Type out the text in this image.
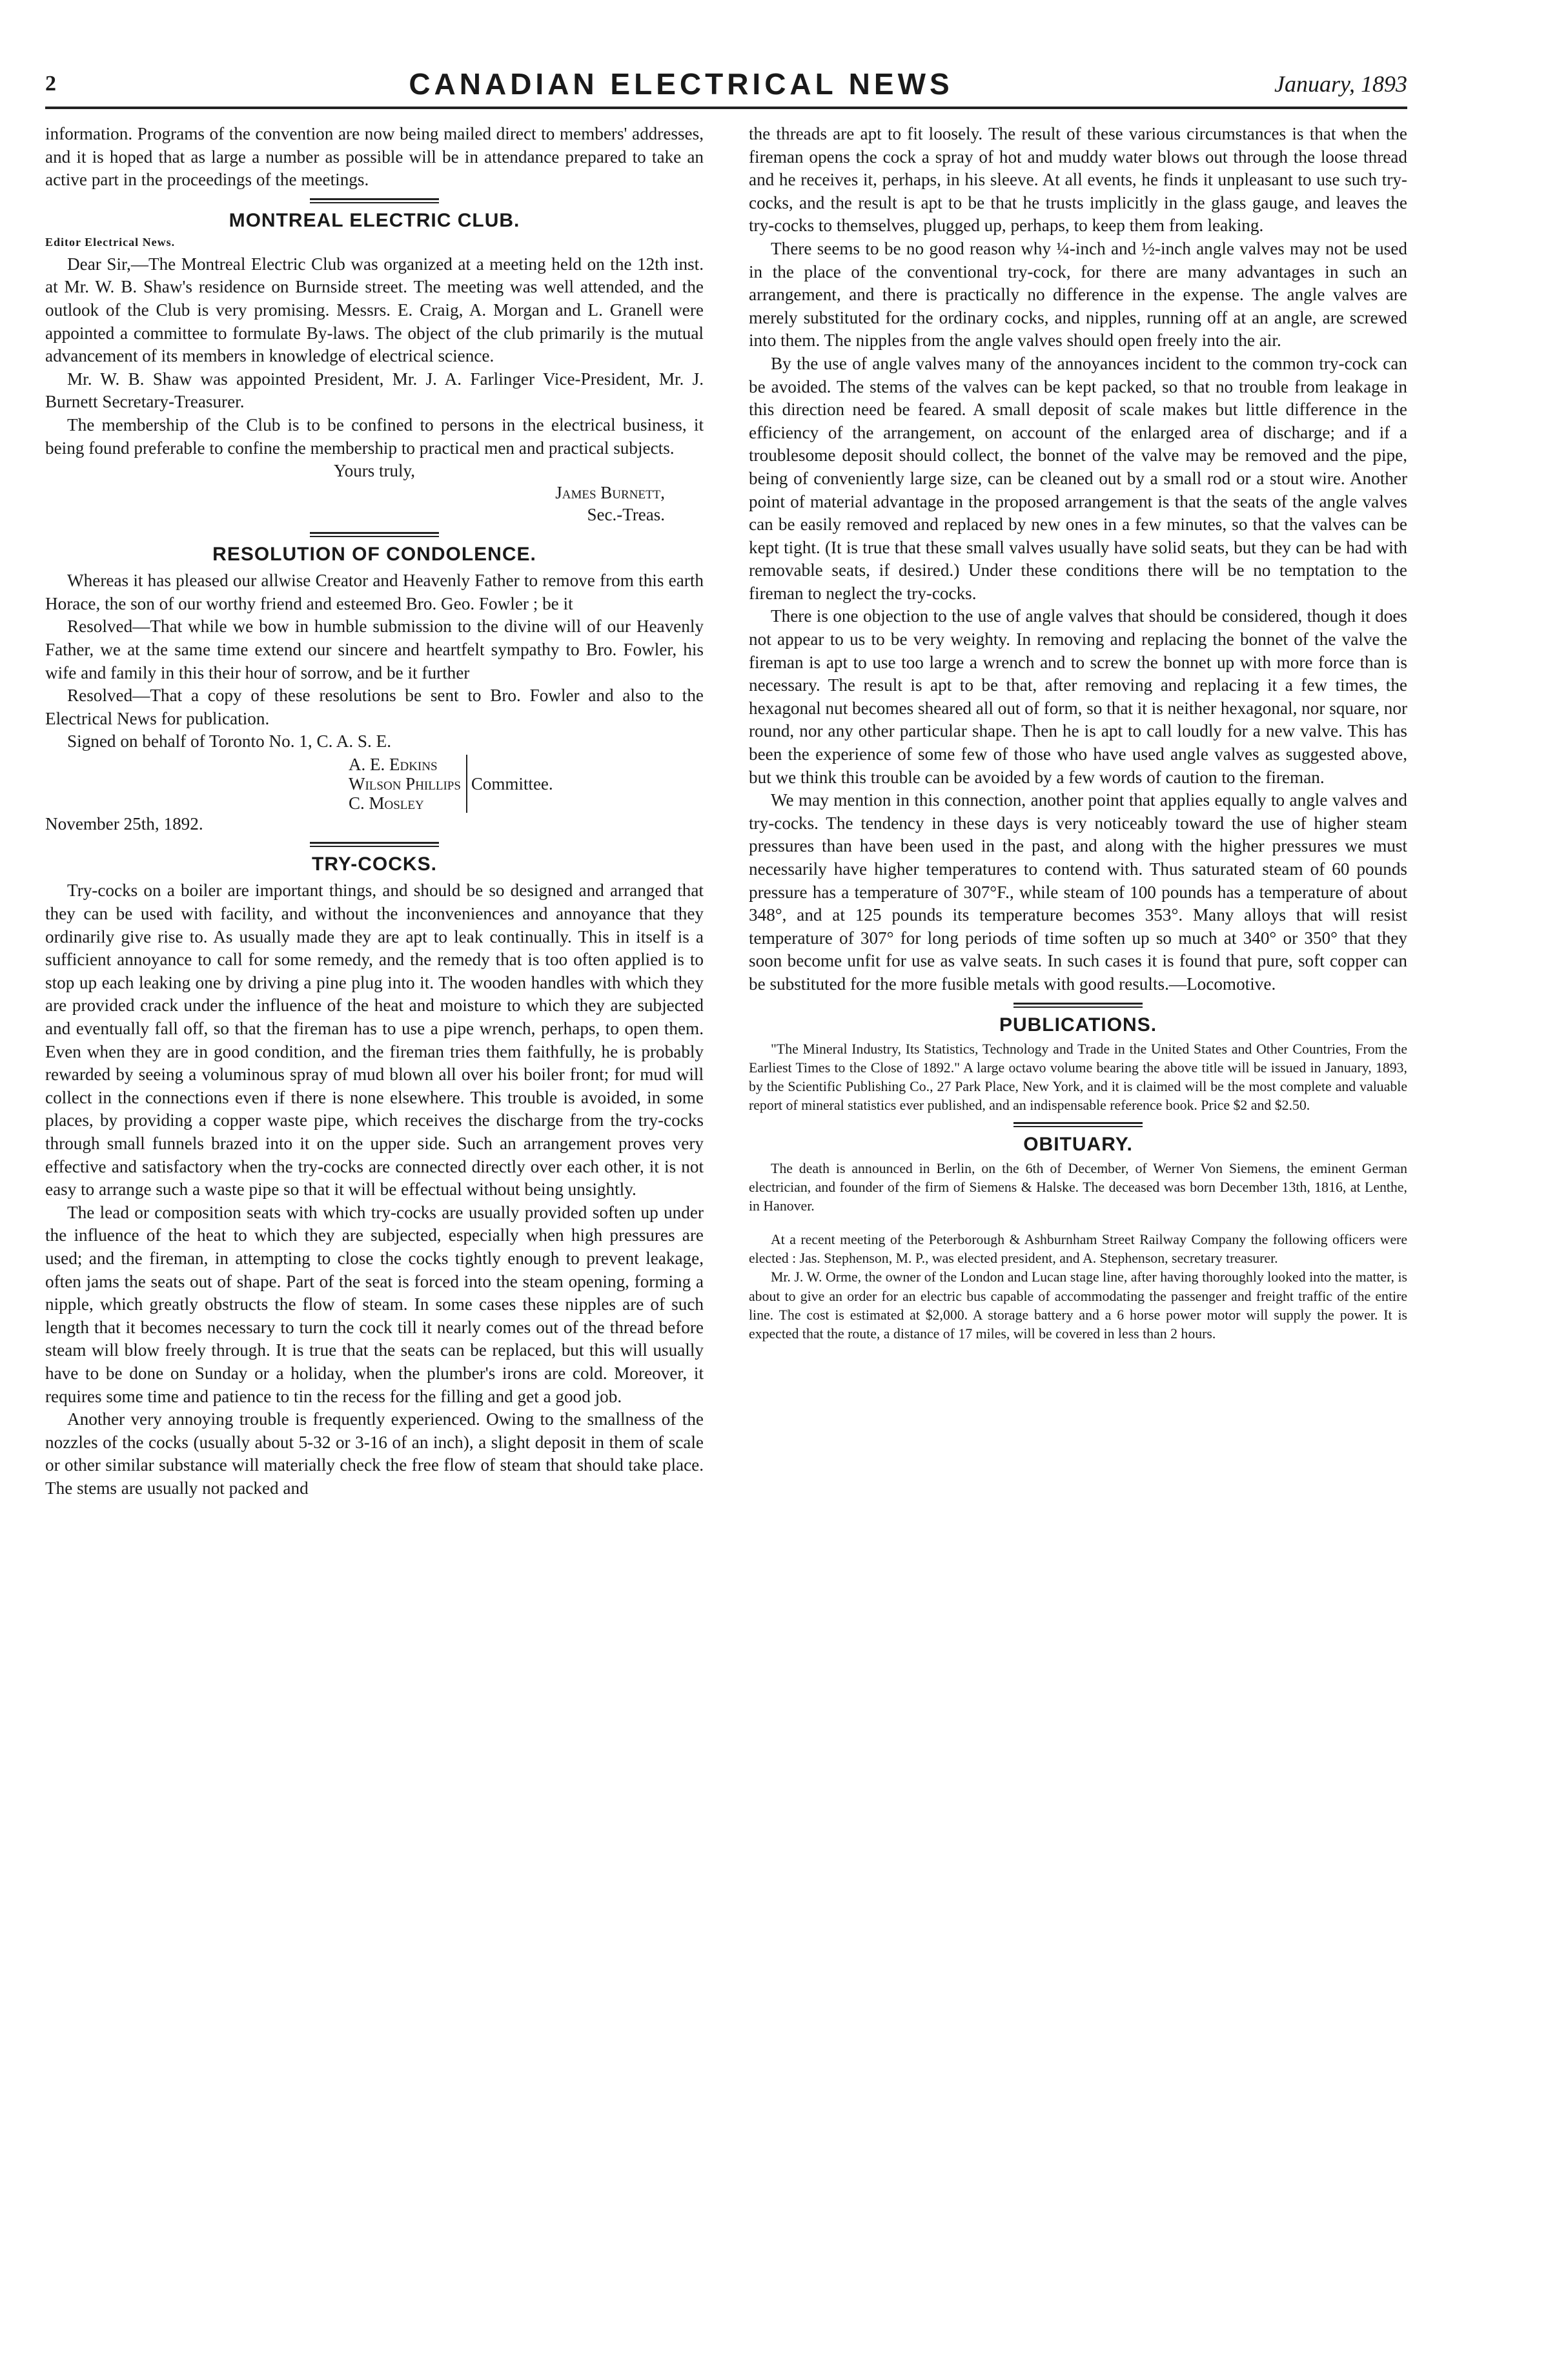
2	CANADIAN ELECTRICAL NEWS	January, 1893

information. Programs of the convention are now being mailed direct to members' addresses, and it is hoped that as large a number as possible will be in attendance prepared to take an active part in the proceedings of the meetings.

MONTREAL ELECTRIC CLUB.
Editor Electrical News.

Dear Sir,—The Montreal Electric Club was organized at a meeting held on the 12th inst. at Mr. W. B. Shaw's residence on Burnside street. The meeting was well attended, and the outlook of the Club is very promising. Messrs. E. Craig, A. Morgan and L. Granell were appointed a committee to formulate By-laws. The object of the club primarily is the mutual advancement of its members in knowledge of electrical science.

Mr. W. B. Shaw was appointed President, Mr. J. A. Farlinger Vice-President, Mr. J. Burnett Secretary-Treasurer.

The membership of the Club is to be confined to persons in the electrical business, it being found preferable to confine the membership to practical men and practical subjects.

Yours truly,
James Burnett,
Sec.-Treas.
RESOLUTION OF CONDOLENCE.

Whereas it has pleased our allwise Creator and Heavenly Father to remove from this earth Horace, the son of our worthy friend and esteemed Bro. Geo. Fowler ; be it

Resolved—That while we bow in humble submission to the divine will of our Heavenly Father, we at the same time extend our sincere and heartfelt sympathy to Bro. Fowler, his wife and family in this their hour of sorrow, and be it further

Resolved—That a copy of these resolutions be sent to Bro. Fowler and also to the Electrical News for publication.

Signed on behalf of Toronto No. 1, C. A. S. E.

A. E. Edkins
Wilson Phillips
C. Mosley
Committee.

November 25th, 1892.

TRY-COCKS.

Try-cocks on a boiler are important things, and should be so designed and arranged that they can be used with facility, and without the inconveniences and annoyance that they ordinarily give rise to. As usually made they are apt to leak continually. This in itself is a sufficient annoyance to call for some remedy, and the remedy that is too often applied is to stop up each leaking one by driving a pine plug into it. The wooden handles with which they are provided crack under the influence of the heat and moisture to which they are subjected and eventually fall off, so that the fireman has to use a pipe wrench, perhaps, to open them. Even when they are in good condition, and the fireman tries them faithfully, he is probably rewarded by seeing a voluminous spray of mud blown all over his boiler front; for mud will collect in the connections even if there is none elsewhere. This trouble is avoided, in some places, by providing a copper waste pipe, which receives the discharge from the try-cocks through small funnels brazed into it on the upper side. Such an arrangement proves very effective and satisfactory when the try-cocks are connected directly over each other, it is not easy to arrange such a waste pipe so that it will be effectual without being unsightly.

The lead or composition seats with which try-cocks are usually provided soften up under the influence of the heat to which they are subjected, especially when high pressures are used; and the fireman, in attempting to close the cocks tightly enough to prevent leakage, often jams the seats out of shape. Part of the seat is forced into the steam opening, forming a nipple, which greatly obstructs the flow of steam. In some cases these nipples are of such length that it becomes necessary to turn the cock till it nearly comes out of the thread before steam will blow freely through. It is true that the seats can be replaced, but this will usually have to be done on Sunday or a holiday, when the plumber's irons are cold. Moreover, it requires some time and patience to tin the recess for the filling and get a good job.

Another very annoying trouble is frequently experienced. Owing to the smallness of the nozzles of the cocks (usually about 5-32 or 3-16 of an inch), a slight deposit in them of scale or other similar substance will materially check the free flow of steam that should take place. The stems are usually not packed and

the threads are apt to fit loosely. The result of these various circumstances is that when the fireman opens the cock a spray of hot and muddy water blows out through the loose thread and he receives it, perhaps, in his sleeve. At all events, he finds it unpleasant to use such try-cocks, and the result is apt to be that he trusts implicitly in the glass gauge, and leaves the try-cocks to themselves, plugged up, perhaps, to keep them from leaking.

There seems to be no good reason why ¼-inch and ½-inch angle valves may not be used in the place of the conventional try-cock, for there are many advantages in such an arrangement, and there is practically no difference in the expense. The angle valves are merely substituted for the ordinary cocks, and nipples, running off at an angle, are screwed into them. The nipples from the angle valves should open freely into the air.

By the use of angle valves many of the annoyances incident to the common try-cock can be avoided. The stems of the valves can be kept packed, so that no trouble from leakage in this direction need be feared. A small deposit of scale makes but little difference in the efficiency of the arrangement, on account of the enlarged area of discharge; and if a troublesome deposit should collect, the bonnet of the valve may be removed and the pipe, being of conveniently large size, can be cleaned out by a small rod or a stout wire. Another point of material advantage in the proposed arrangement is that the seats of the angle valves can be easily removed and replaced by new ones in a few minutes, so that the valves can be kept tight. (It is true that these small valves usually have solid seats, but they can be had with removable seats, if desired.) Under these conditions there will be no temptation to the fireman to neglect the try-cocks.

There is one objection to the use of angle valves that should be considered, though it does not appear to us to be very weighty. In removing and replacing the bonnet of the valve the fireman is apt to use too large a wrench and to screw the bonnet up with more force than is necessary. The result is apt to be that, after removing and replacing it a few times, the hexagonal nut becomes sheared all out of form, so that it is neither hexagonal, nor square, nor round, nor any other particular shape. Then he is apt to call loudly for a new valve. This has been the experience of some few of those who have used angle valves as suggested above, but we think this trouble can be avoided by a few words of caution to the fireman.

We may mention in this connection, another point that applies equally to angle valves and try-cocks. The tendency in these days is very noticeably toward the use of higher steam pressures than have been used in the past, and along with the higher pressures we must necessarily have higher temperatures to contend with. Thus saturated steam of 60 pounds pressure has a temperature of 307°F., while steam of 100 pounds has a temperature of about 348°, and at 125 pounds its temperature becomes 353°. Many alloys that will resist temperature of 307° for long periods of time soften up so much at 340° or 350° that they soon become unfit for use as valve seats. In such cases it is found that pure, soft copper can be substituted for the more fusible metals with good results.—Locomotive.

PUBLICATIONS.

"The Mineral Industry, Its Statistics, Technology and Trade in the United States and Other Countries, From the Earliest Times to the Close of 1892." A large octavo volume bearing the above title will be issued in January, 1893, by the Scientific Publishing Co., 27 Park Place, New York, and it is claimed will be the most complete and valuable report of mineral statistics ever published, and an indispensable reference book. Price $2 and $2.50.

OBITUARY.

The death is announced in Berlin, on the 6th of December, of Werner Von Siemens, the eminent German electrician, and founder of the firm of Siemens & Halske. The deceased was born December 13th, 1816, at Lenthe, in Hanover.

At a recent meeting of the Peterborough & Ashburnham Street Railway Company the following officers were elected : Jas. Stephenson, M. P., was elected president, and A. Stephenson, secretary treasurer.

Mr. J. W. Orme, the owner of the London and Lucan stage line, after having thoroughly looked into the matter, is about to give an order for an electric bus capable of accommodating the passenger and freight traffic of the entire line. The cost is estimated at $2,000. A storage battery and a 6 horse power motor will supply the power. It is expected that the route, a distance of 17 miles, will be covered in less than 2 hours.
